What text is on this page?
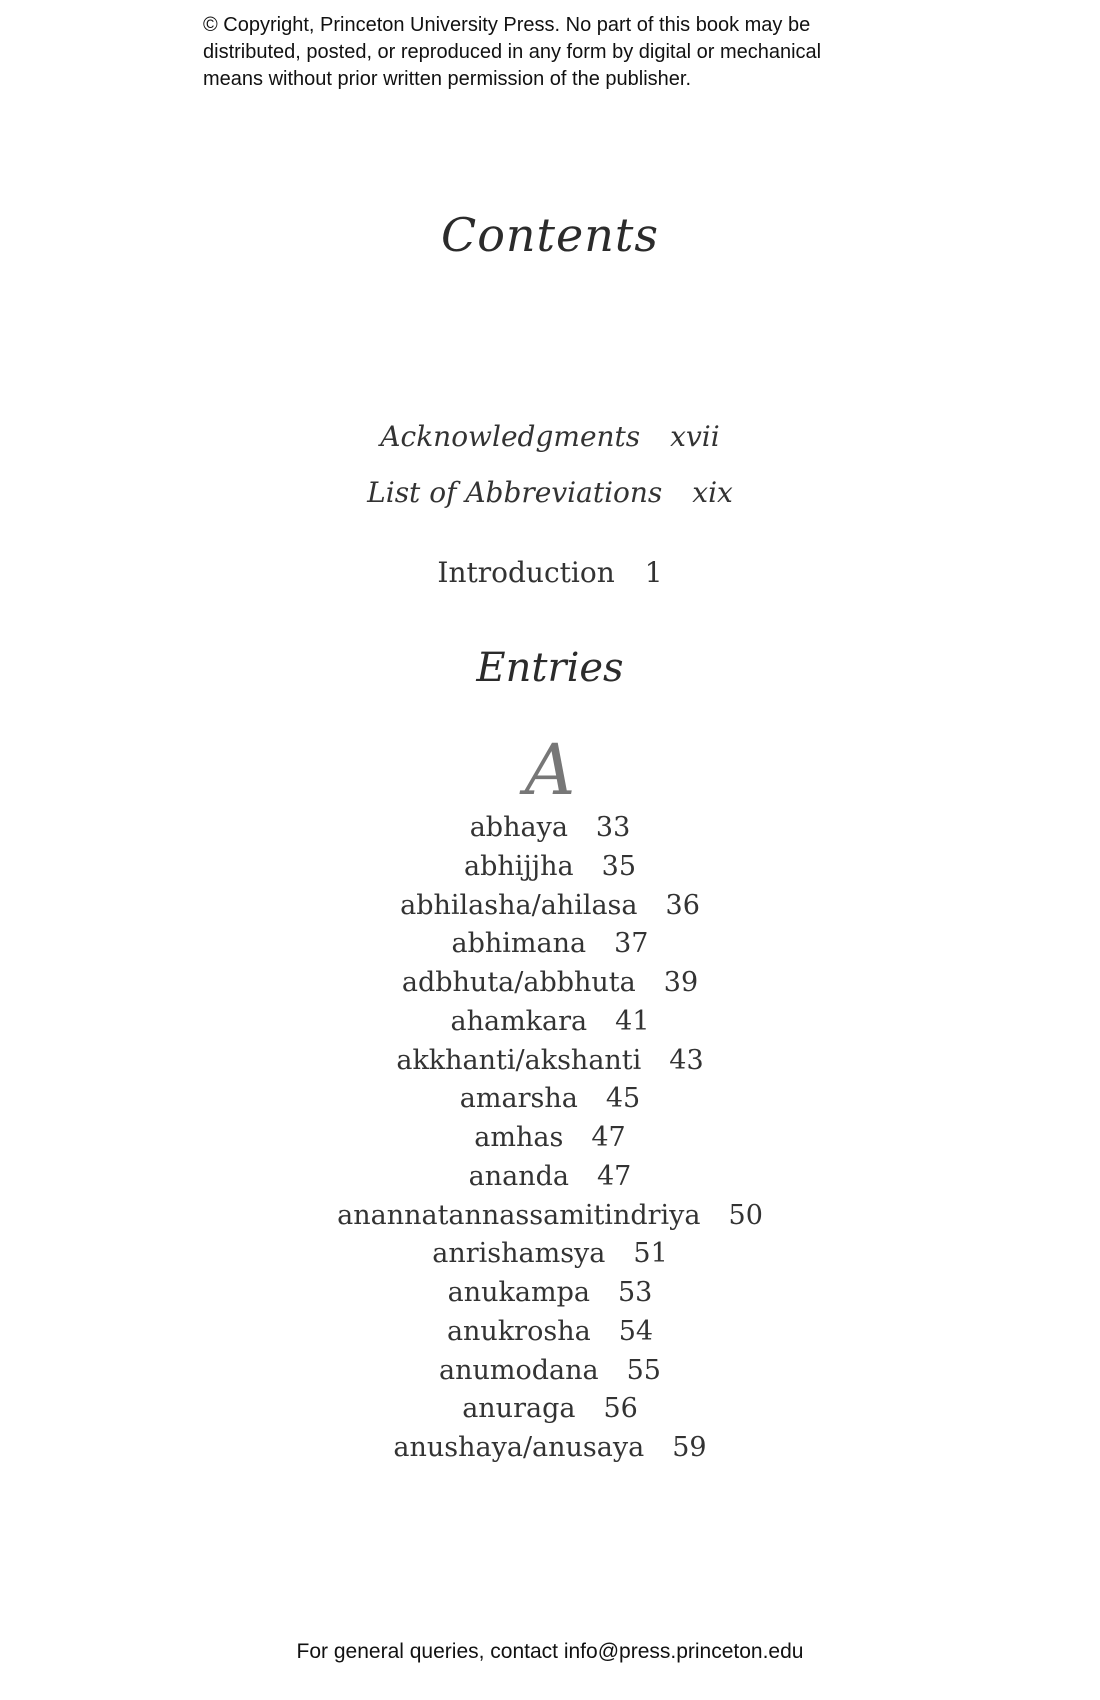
© Copyright, Princeton University Press. No part of this book may be
distributed, posted, or reproduced in any form by digital or mechanical
means without prior written permission of the publisher.
Contents
Acknowledgments xvii
List of Abbreviations xix
Introduction 1
Entries
A
abhaya 33
abhijjha 35
abhilasha/ahilasa 36
abhimana 37
adbhuta/abbhuta 39
ahamkara 41
akkhanti/akshanti 43
amarsha 45
amhas 47
ananda 47
anannatannassamitindriya 50
anrishamsya 51
anukampa 53
anukrosha 54
anumodana 55
anuraga 56
anushaya/anusaya 59
For general queries, contact info@press.princeton.edu
